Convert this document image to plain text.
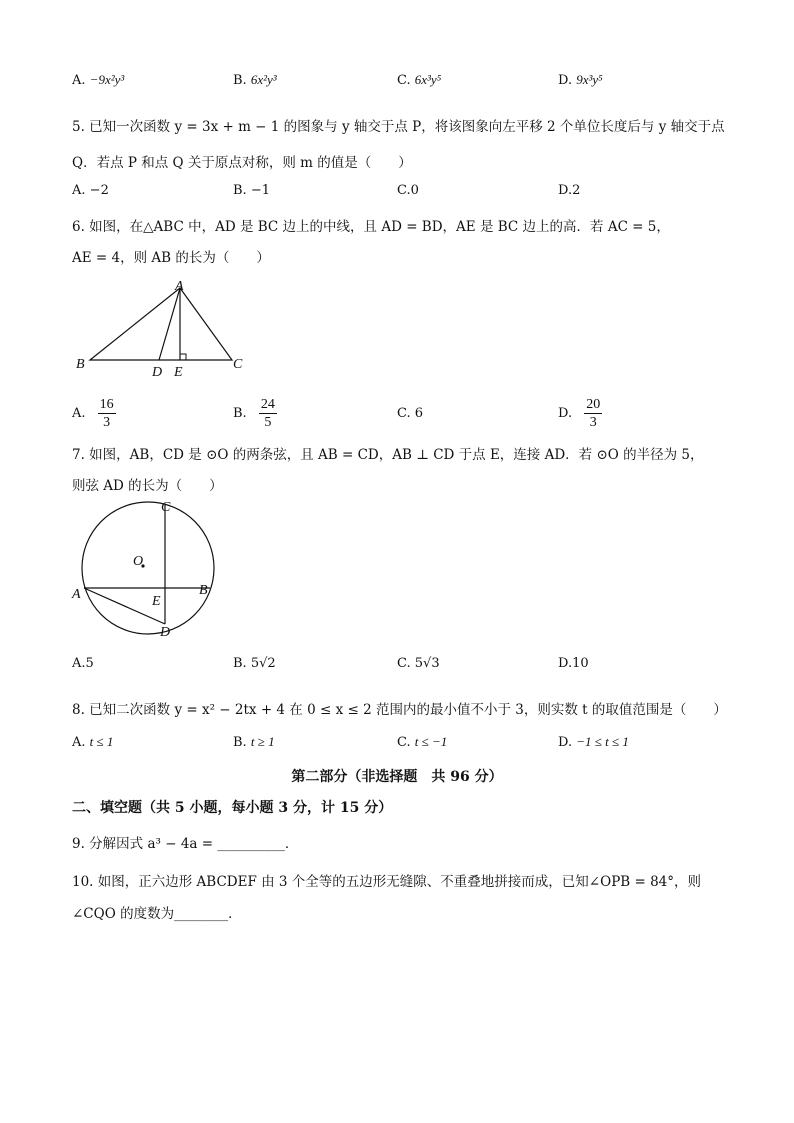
A. −9x²y³	B. 6x²y³	C. 6x³y⁵	D. 9x³y⁵
5. 已知一次函数 y = 3x + m − 1 的图象与 y 轴交于点 P，将该图象向左平移 2 个单位长度后与 y 轴交于点
Q．若点 P 和点 Q 关于原点对称，则 m 的值是（　　）
A. −2	B. −1	C.0	D.2
6. 如图，在△ABC 中，AD 是 BC 边上的中线，且 AD = BD，AE 是 BC 边上的高．若 AC = 5，
AE = 4，则 AB 的长为（　　）
A
B	C
D E
A. $\frac{16}{3}$	B. $\frac{24}{5}$	C. 6	D. $\frac{20}{3}$
7. 如图，AB，CD 是 ⊙O 的两条弦，且 AB = CD，AB ⊥ CD 于点 E，连接 AD．若 ⊙O 的半径为 5，
则弦 AD 的长为（　　）
C
A	B
E
D
O
A.5	B. 5√2	C. 5√3	D.10
8. 已知二次函数 y = x² − 2tx + 4 在 0 ≤ x ≤ 2 范围内的最小值不小于 3，则实数 t 的取值范围是（　　）
A. t ≤ 1	B. t ≥ 1	C. t ≤ −1	D. −1 ≤ t ≤ 1
第二部分（非选择题　共 96 分）
二、填空题（共 5 小题，每小题 3 分，计 15 分）
9. 分解因式 a³ − 4a = __________．
10. 如图，正六边形 ABCDEF 由 3 个全等的五边形无缝隙、不重叠地拼接而成，已知∠OPB = 84°，则
∠CQO 的度数为________．
